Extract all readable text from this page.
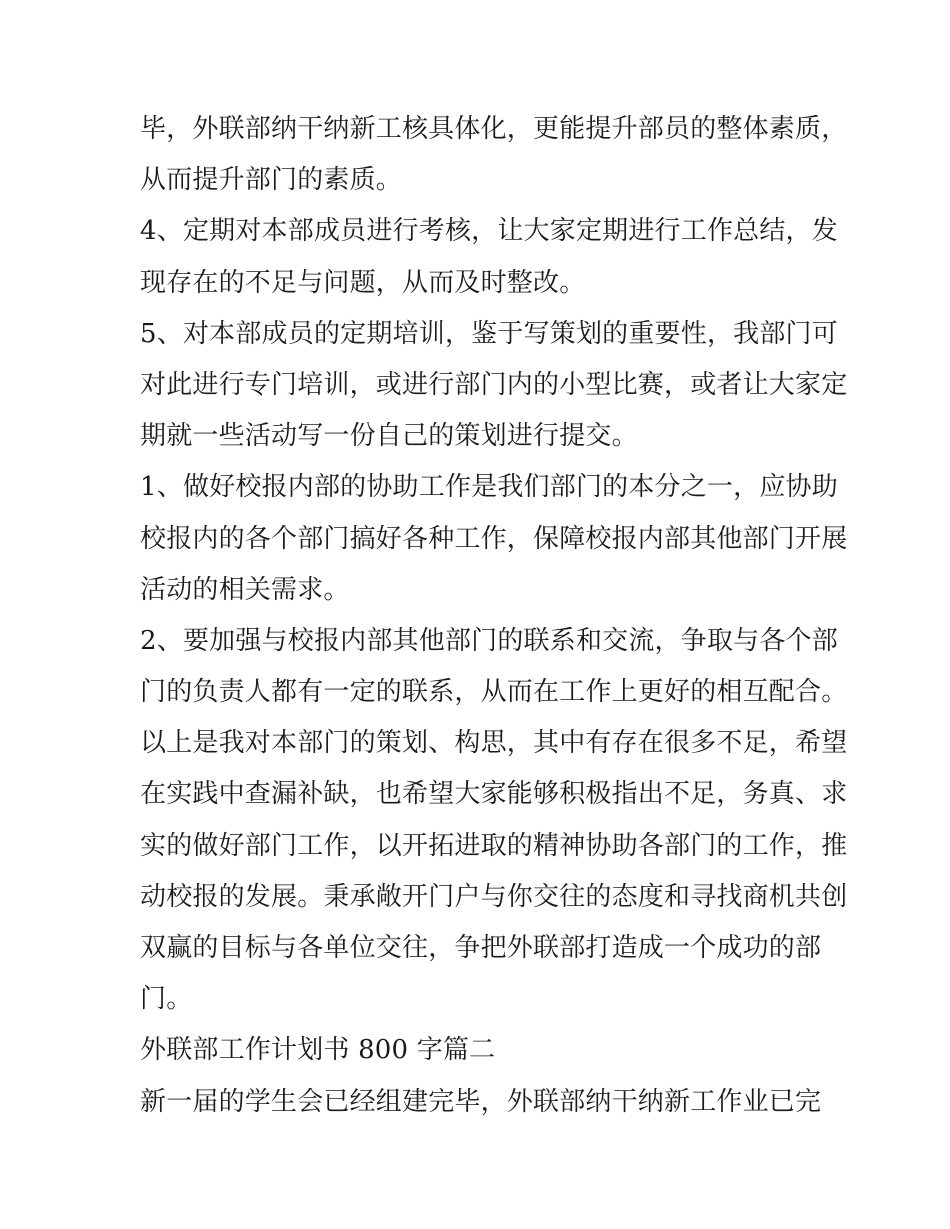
毕，外联部纳干纳新工核具体化，更能提升部员的整体素质，
从而提升部门的素质。
4、定期对本部成员进行考核，让大家定期进行工作总结，发
现存在的不足与问题，从而及时整改。
5、对本部成员的定期培训，鉴于写策划的重要性，我部门可
对此进行专门培训，或进行部门内的小型比赛，或者让大家定
期就一些活动写一份自己的策划进行提交。
1、做好校报内部的协助工作是我们部门的本分之一，应协助
校报内的各个部门搞好各种工作，保障校报内部其他部门开展
活动的相关需求。
2、要加强与校报内部其他部门的联系和交流，争取与各个部
门的负责人都有一定的联系，从而在工作上更好的相互配合。
以上是我对本部门的策划、构思，其中有存在很多不足，希望
在实践中查漏补缺，也希望大家能够积极指出不足，务真、求
实的做好部门工作，以开拓进取的精神协助各部门的工作，推
动校报的发展。秉承敞开门户与你交往的态度和寻找商机共创
双赢的目标与各单位交往，争把外联部打造成一个成功的部
门。
外联部工作计划书 800 字篇二
新一届的学生会已经组建完毕，外联部纳干纳新工作业已完
